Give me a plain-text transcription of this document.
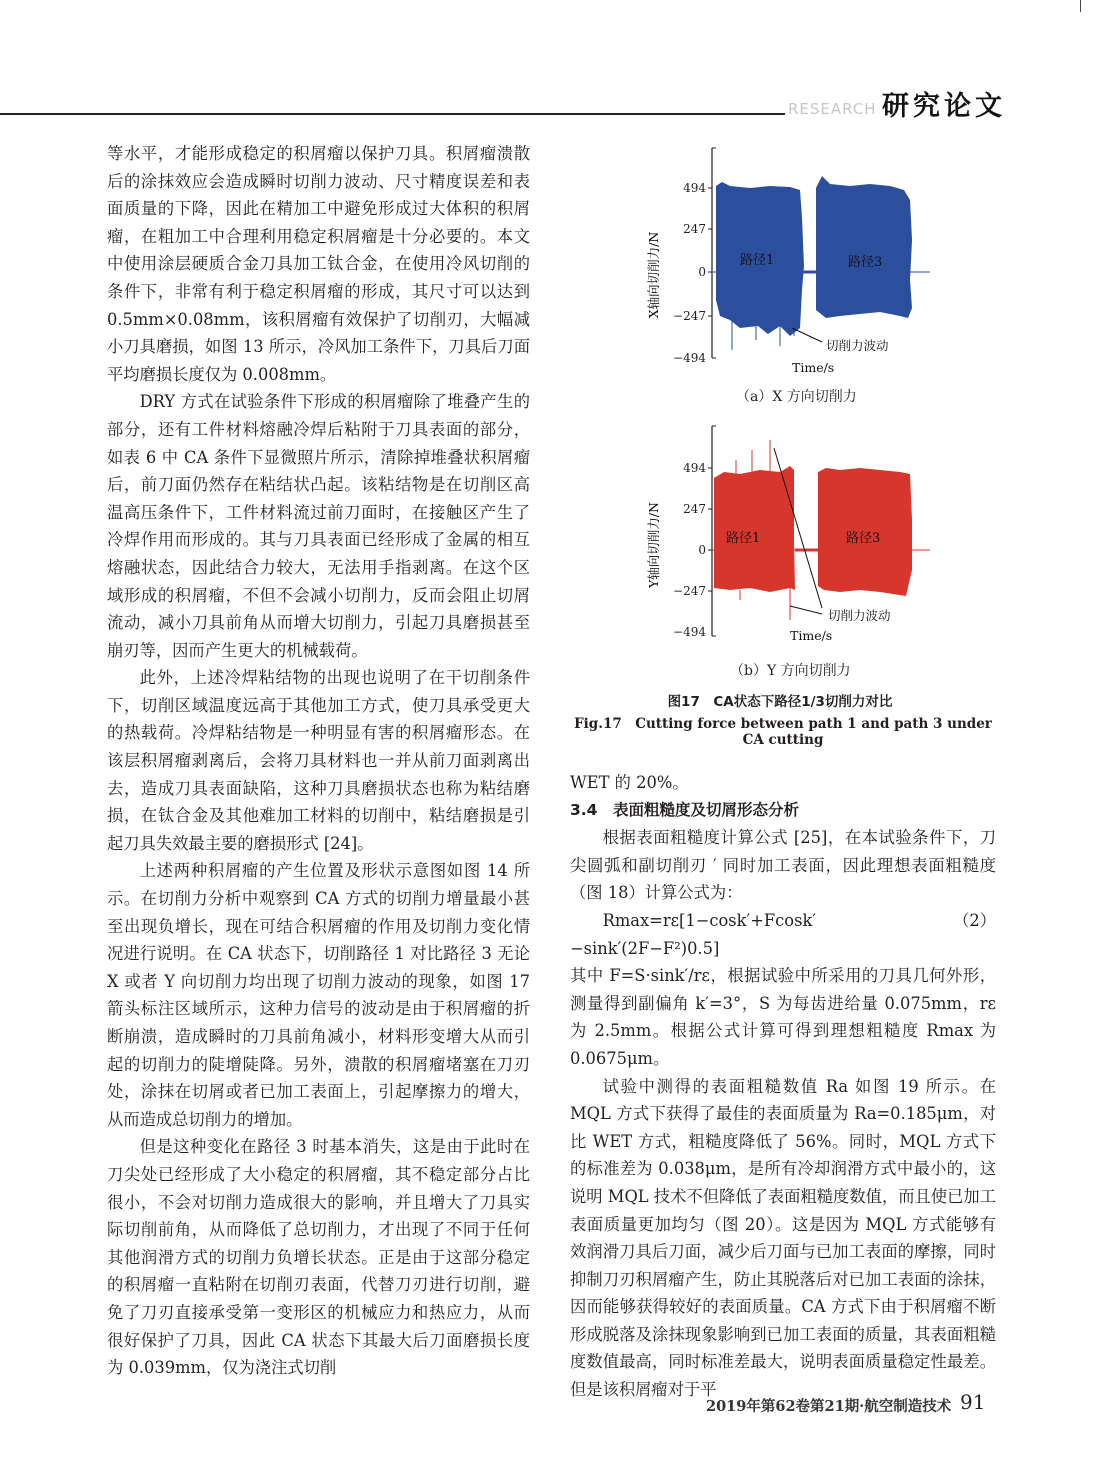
RESEARCH 研究论文

等水平，才能形成稳定的积屑瘤以保护刀具。积屑瘤溃散后的涂抹效应会造成瞬时切削力波动、尺寸精度误差和表面质量的下降，因此在精加工中避免形成过大体积的积屑瘤，在粗加工中合理利用稳定积屑瘤是十分必要的。本文中使用涂层硬质合金刀具加工钛合金，在使用冷风切削的条件下，非常有利于稳定积屑瘤的形成，其尺寸可以达到 0.5mm×0.08mm，该积屑瘤有效保护了切削刃，大幅减小刀具磨损，如图 13 所示，冷风加工条件下，刀具后刀面平均磨损长度仅为 0.008mm。

DRY 方式在试验条件下形成的积屑瘤除了堆叠产生的部分，还有工件材料熔融冷焊后粘附于刀具表面的部分，如表 6 中 CA 条件下显微照片所示，清除掉堆叠状积屑瘤后，前刀面仍然存在粘结状凸起。该粘结物是在切削区高温高压条件下，工件材料流过前刀面时，在接触区产生了冷焊作用而形成的。其与刀具表面已经形成了金属的相互熔融状态，因此结合力较大，无法用手指剥离。在这个区域形成的积屑瘤，不但不会减小切削力，反而会阻止切屑流动，减小刀具前角从而增大切削力，引起刀具磨损甚至崩刃等，因而产生更大的机械载荷。

此外，上述冷焊粘结物的出现也说明了在干切削条件下，切削区域温度远高于其他加工方式，使刀具承受更大的热载荷。冷焊粘结物是一种明显有害的积屑瘤形态。在该层积屑瘤剥离后，会将刀具材料也一并从前刀面剥离出去，造成刀具表面缺陷，这种刀具磨损状态也称为粘结磨损，在钛合金及其他难加工材料的切削中，粘结磨损是引起刀具失效最主要的磨损形式 [24]。

上述两种积屑瘤的产生位置及形状示意图如图 14 所示。在切削力分析中观察到 CA 方式的切削力增量最小甚至出现负增长，现在可结合积屑瘤的作用及切削力变化情况进行说明。在 CA 状态下，切削路径 1 对比路径 3 无论 X 或者 Y 向切削力均出现了切削力波动的现象，如图 17 箭头标注区域所示，这种力信号的波动是由于积屑瘤的折断崩溃，造成瞬时的刀具前角减小，材料形变增大从而引起的切削力的陡增陡降。另外，溃散的积屑瘤堵塞在刀刃处，涂抹在切屑或者已加工表面上，引起摩擦力的增大，从而造成总切削力的增加。

但是这种变化在路径 3 时基本消失，这是由于此时在刀尖处已经形成了大小稳定的积屑瘤，其不稳定部分占比很小，不会对切削力造成很大的影响，并且增大了刀具实际切削前角，从而降低了总切削力，才出现了不同于任何其他润滑方式的切削力负增长状态。正是由于这部分稳定的积屑瘤一直粘附在切削刃表面，代替刀刃进行切削，避免了刀刃直接承受第一变形区的机械应力和热应力，从而很好保护了刀具，因此 CA 状态下其最大后刀面磨损长度为 0.039mm，仅为浇注式切削

494
247
0
−247
−494
X轴向切削力/N	路径1	路径3
切削力波动
Time/s
（a）X 方向切削力
494
247
0
−247
−494
Y轴向切削力/N	路径1	路径3
切削力波动
Time/s
（b）Y 方向切削力
图17　CA状态下路径1/3切削力对比
Fig.17　Cutting force between path 1 and path 3 under CA cutting

WET 的 20%。

3.4　表面粗糙度及切屑形态分析

根据表面粗糙度计算公式 [25]，在本试验条件下，刀尖圆弧和副切削刃 ′ 同时加工表面，因此理想表面粗糙度（图 18）计算公式为：

Rmax=rε[1−cosk′+Fcosk′−sink′(2F−F²)0.5]
（2）

其中 F=S·sink′/rε，根据试验中所采用的刀具几何外形，测量得到副偏角 k′=3°，S 为每齿进给量 0.075mm，rε 为 2.5mm。根据公式计算可得到理想粗糙度 Rmax 为 0.0675μm。

试验中测得的表面粗糙数值 Ra 如图 19 所示。在 MQL 方式下获得了最佳的表面质量为 Ra=0.185μm，对比 WET 方式，粗糙度降低了 56%。同时，MQL 方式下的标准差为 0.038μm，是所有冷却润滑方式中最小的，这说明 MQL 技术不但降低了表面粗糙度数值，而且使已加工表面质量更加均匀（图 20）。这是因为 MQL 方式能够有效润滑刀具后刀面，减少后刀面与已加工表面的摩擦，同时抑制刀刃积屑瘤产生，防止其脱落后对已加工表面的涂抹，因而能够获得较好的表面质量。CA 方式下由于积屑瘤不断形成脱落及涂抹现象影响到已加工表面的质量，其表面粗糙度数值最高，同时标准差最大，说明表面质量稳定性最差。但是该积屑瘤对于平

2019年第62卷第21期·航空制造技术 91
